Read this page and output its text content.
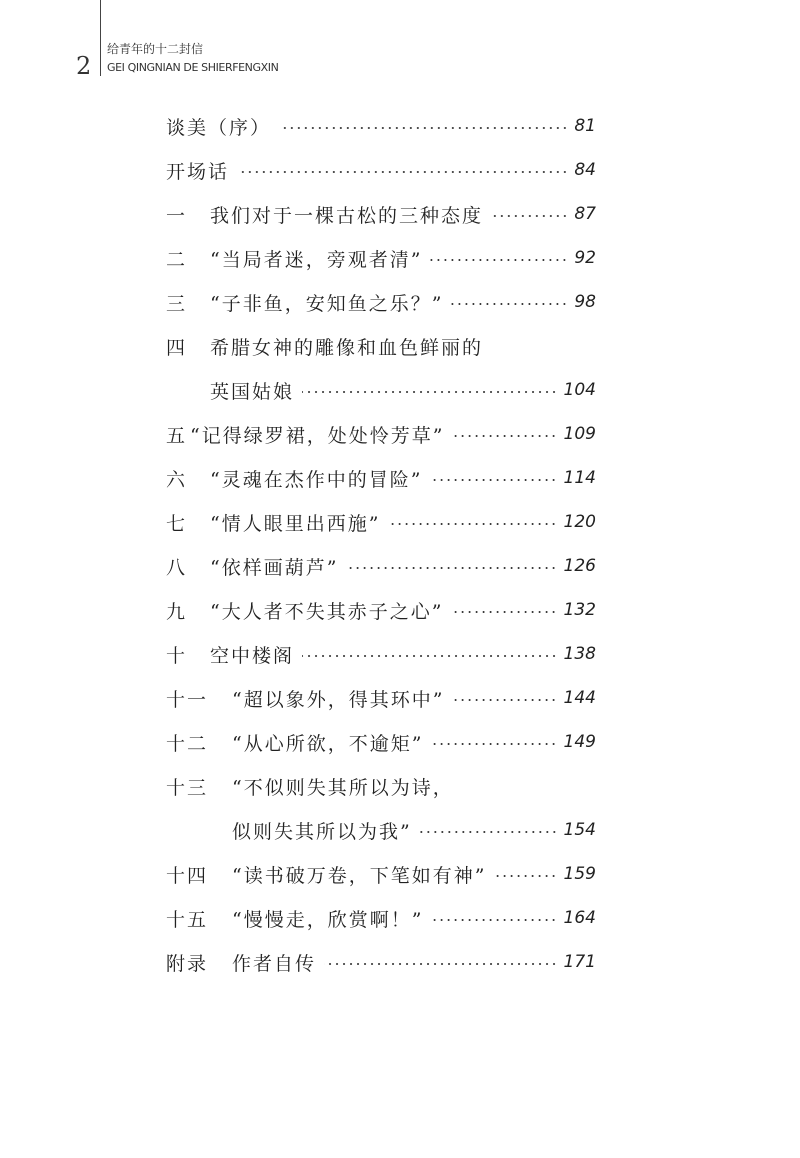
2
给青年的十二封信
GEI QINGNIAN DE SHIERFENGXIN
谈美（序）	81
开场话	84
一	我们对于一棵古松的三种态度	87
二	“当局者迷，旁观者清”	92
三	“子非鱼，安知鱼之乐？”	98
四	希腊女神的雕像和血色鲜丽的
英国姑娘	104
五 “记得绿罗裙，处处怜芳草”	109
六	“灵魂在杰作中的冒险”	114
七	“情人眼里出西施”	120
八	“依样画葫芦”	126
九	“大人者不失其赤子之心”	132
十	空中楼阁	138
十一	“超以象外，得其环中”	144
十二	“从心所欲，不逾矩”	149
十三	“不似则失其所以为诗，
似则失其所以为我”	154
十四	“读书破万卷，下笔如有神”	159
十五	“慢慢走，欣赏啊！”	164
附录	作者自传	171
